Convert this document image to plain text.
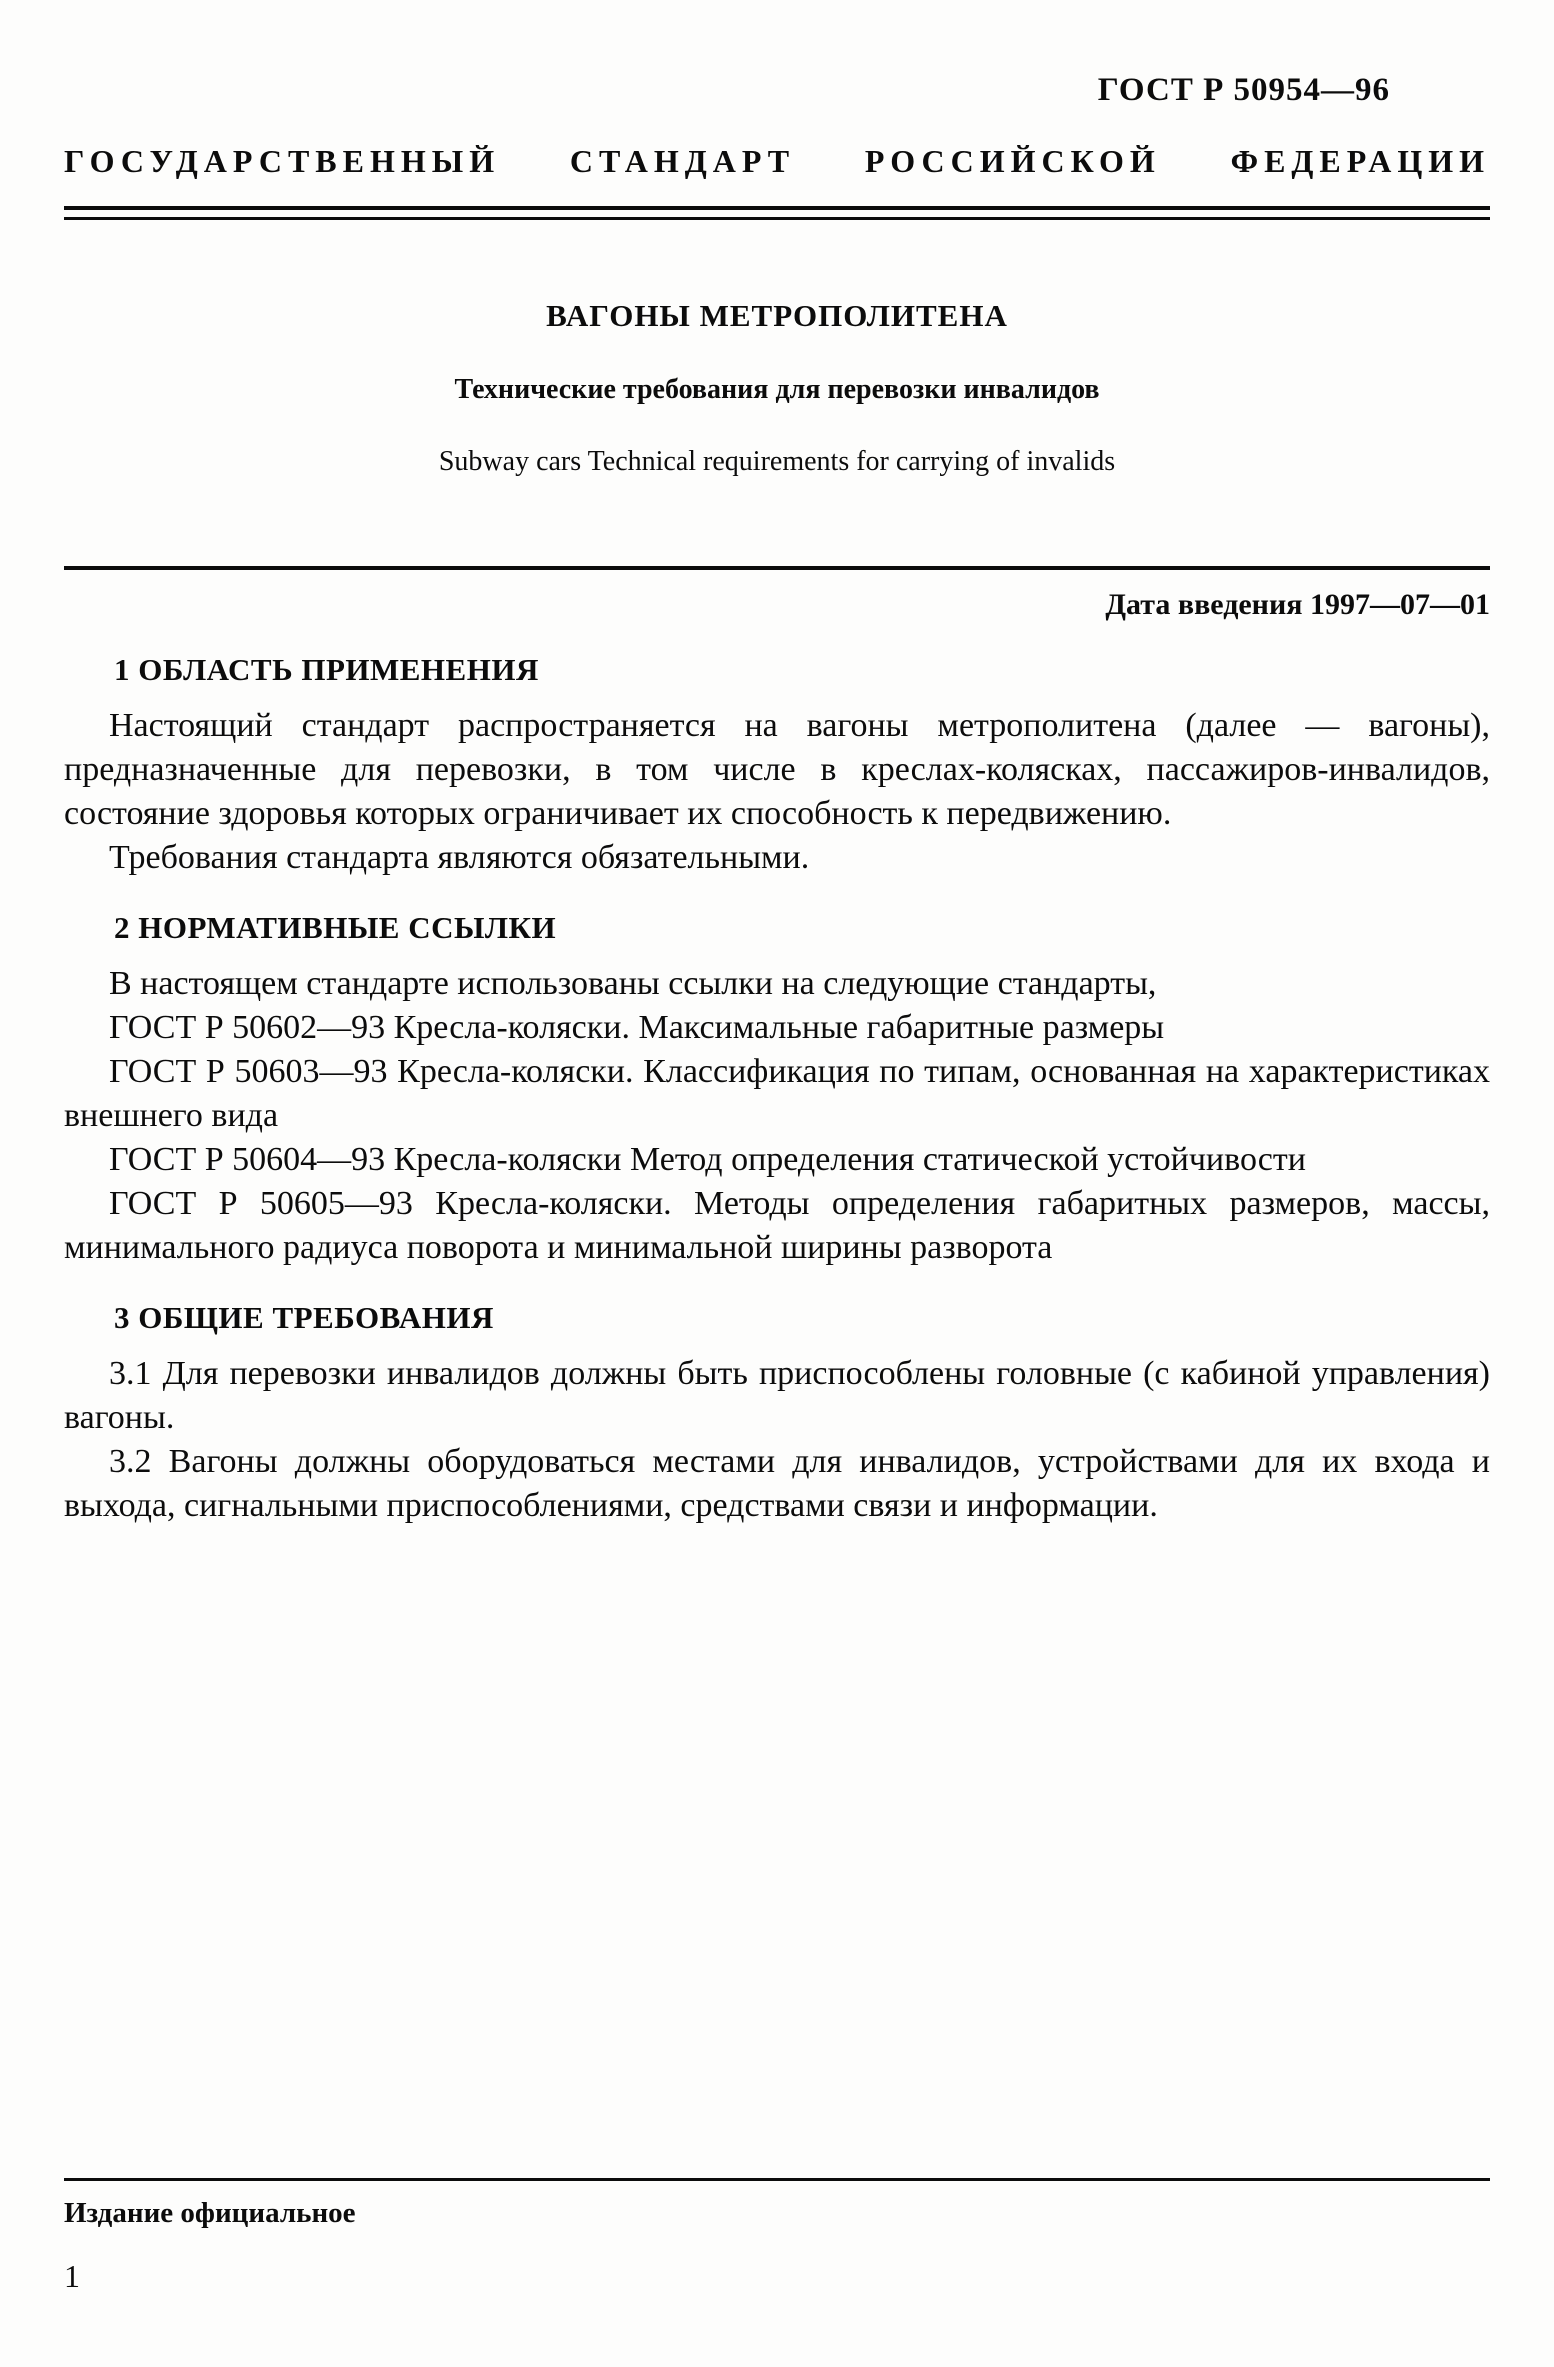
ГОСТ Р 50954—96
ГОСУДАРСТВЕННЫЙ СТАНДАРТ РОССИЙСКОЙ ФЕДЕРАЦИИ
ВАГОНЫ МЕТРОПОЛИТЕНА
Технические требования для перевозки инвалидов
Subway cars Technical requirements for carrying of invalids
Дата введения 1997—07—01
1 ОБЛАСТЬ ПРИМЕНЕНИЯ

Настоящий стандарт распространяется на вагоны метрополитена (далее — вагоны), предназначенные для перевозки, в том числе в креслах-колясках, пассажиров-инвалидов, состояние здоровья которых ограничивает их способность к передвижению.

Требования стандарта являются обязательными.

2 НОРМАТИВНЫЕ ССЫЛКИ

В настоящем стандарте использованы ссылки на следующие стандарты,

ГОСТ Р 50602—93 Кресла-коляски. Максимальные габаритные размеры

ГОСТ Р 50603—93 Кресла-коляски. Классификация по типам, основанная на характеристиках внешнего вида

ГОСТ Р 50604—93 Кресла-коляски Метод определения статической устойчивости

ГОСТ Р 50605—93 Кресла-коляски. Методы определения габаритных размеров, массы, минимального радиуса поворота и минимальной ширины разворота

3 ОБЩИЕ ТРЕБОВАНИЯ

3.1 Для перевозки инвалидов должны быть приспособлены головные (с кабиной управления) вагоны.

3.2 Вагоны должны оборудоваться местами для инвалидов, устройствами для их входа и выхода, сигнальными приспособлениями, средствами связи и информации.

Издание официальное
1
